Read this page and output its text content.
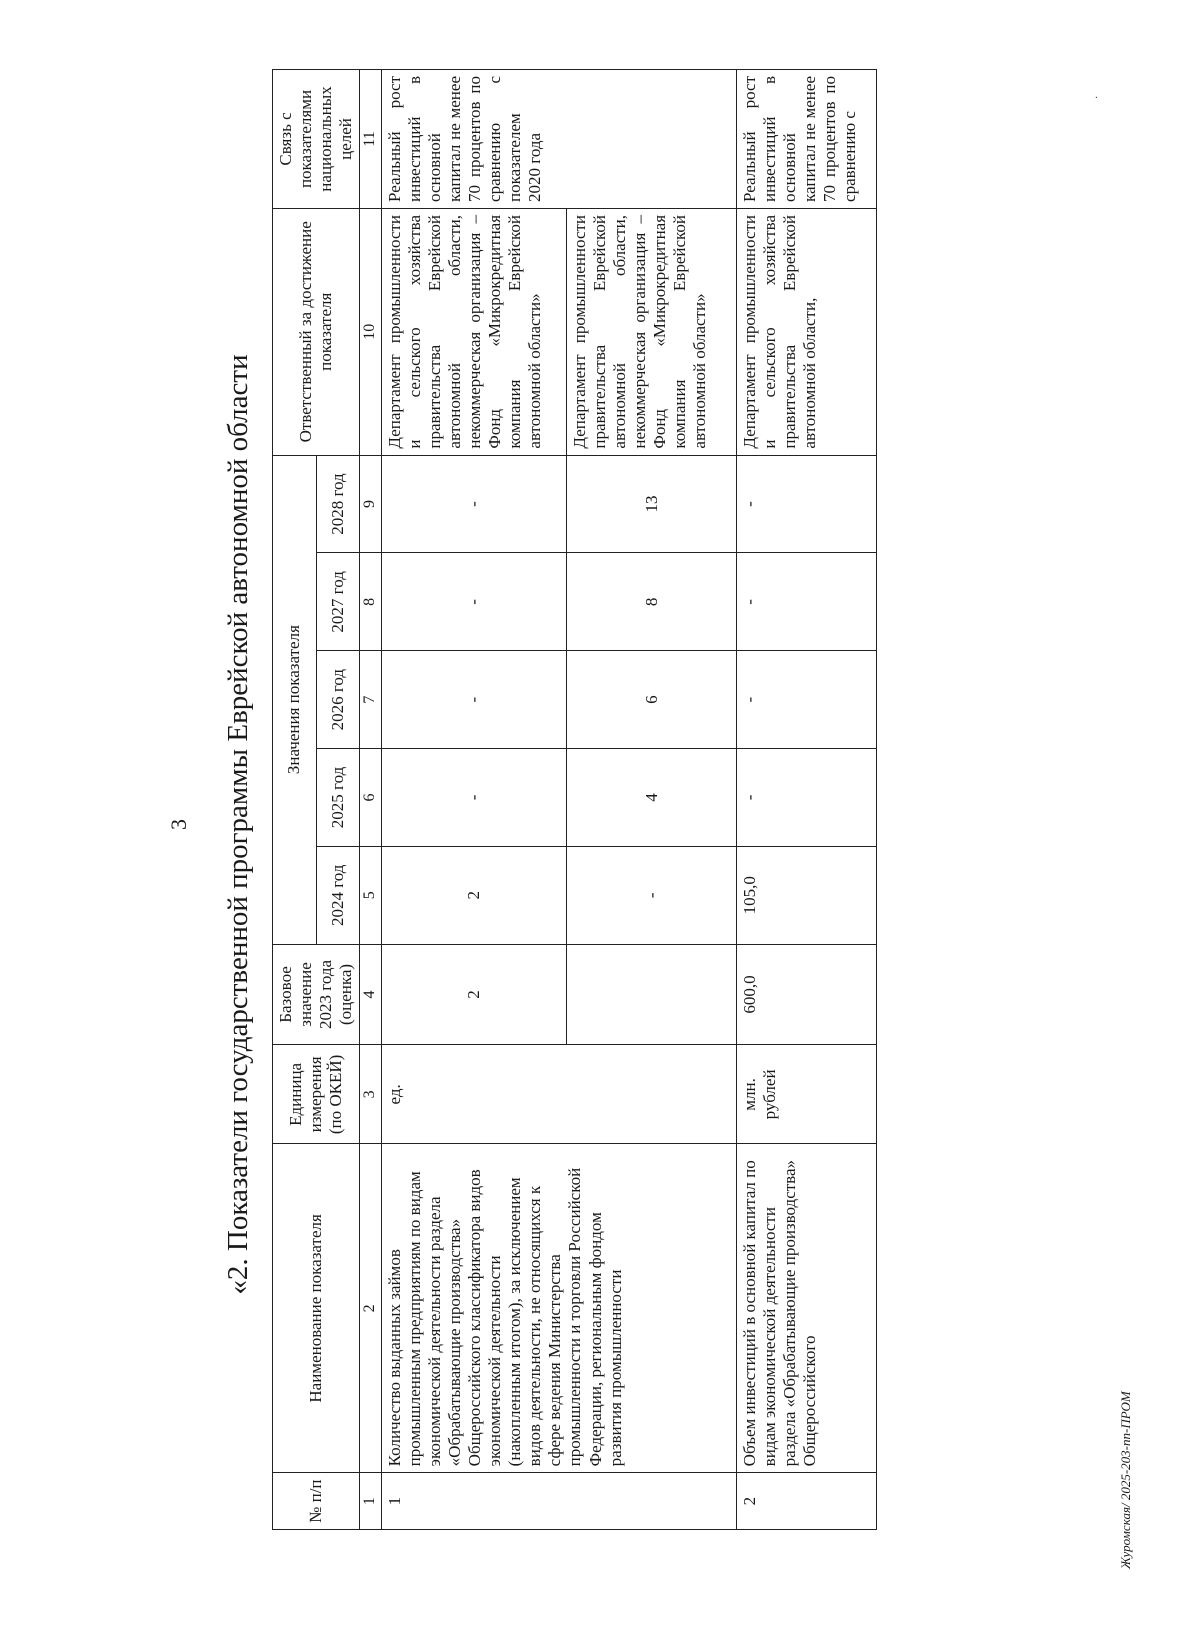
3 «2. Показатели государственной программы Еврейской автономной области
№ п/п	Наименование показателя	Единица измерения (по ОКЕЙ)	Базовое значение 2023 года (оценка)	Значения показателя					Ответственный за достижение показателя	Связь с показателями национальных целей
				2024 год	2025 год	2026 год	2027 год	2028 год		
1	2	3	4	5	6	7	8	9	10	11
1	Количество выданных займов промышленным предприятиям по видам экономической деятельности раздела «Обрабатывающие производства» Общероссийского классификатора видов экономической деятельности (накопленным итогом), за исключением видов деятельности, не относящихся к сфере ведения Министерства промышленности и торговли Российской Федерации, региональным фондом развития промышленности	ед.	2	2	-	-	-	-	Департамент промышленности и сельского хозяйства правительства Еврейской автономной области, некоммерческая организация – Фонд «Микрокредитная компания Еврейской автономной области»	Реальный рост инвестиций в основной капитал не менее 70 процентов по сравнению с показателем 2020 года
				-	4	6	8	13	Департамент промышленности правительства Еврейской автономной области, некоммерческая организация – Фонд «Микрокредитная компания Еврейской автономной области»	
2	Объем инвестиций в основной капитал по видам экономической деятельности раздела «Обрабатывающие производства» Общероссийского	млн. рублей	600,0	105,0	-	-	-	-	Департамент промышленности и сельского хозяйства правительства Еврейской автономной области,	Реальный рост инвестиций в основной капитал не менее 70 процентов по сравнению с
·
Журомская/ 2025-203-пп-ПРОМ
